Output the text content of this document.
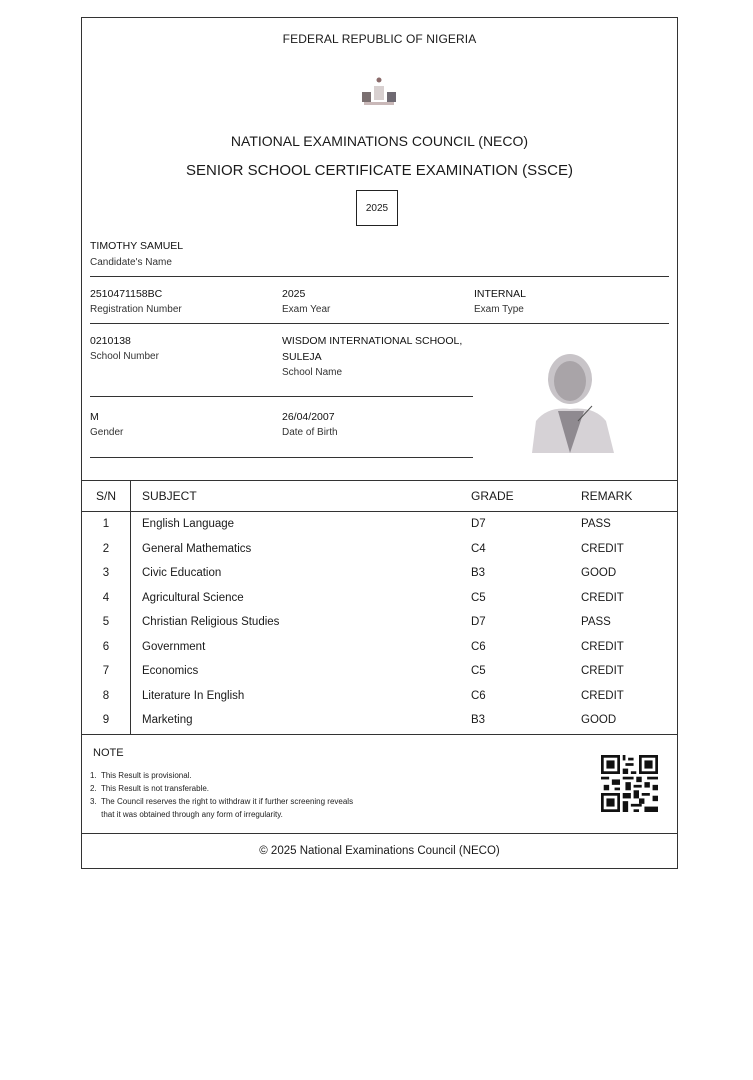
FEDERAL REPUBLIC OF NIGERIA
NATIONAL EXAMINATIONS COUNCIL (NECO)
SENIOR SCHOOL CERTIFICATE EXAMINATION (SSCE)
2025
TIMOTHY SAMUEL
Candidate's Name
2510471158BC
Registration Number
2025
Exam Year
INTERNAL
Exam Type
0210138
School Number
WISDOM INTERNATIONAL SCHOOL,
SULEJA
School Name
M
Gender
26/04/2007
Date of Birth
S/N	SUBJECT	GRADE	REMARK
1	English Language	D7	PASS
2	General Mathematics	C4	CREDIT
3	Civic Education	B3	GOOD
4	Agricultural Science	C5	CREDIT
5	Christian Religious Studies	D7	PASS
6	Government	C6	CREDIT
7	Economics	C5	CREDIT
8	Literature In English	C6	CREDIT
9	Marketing	B3	GOOD
NOTE
1.  This Result is provisional.
2.  This Result is not transferable.
3.  The Council reserves the right to withdraw it if further screening reveals
that it was obtained through any form of irregularity.
© 2025 National Examinations Council (NECO)
